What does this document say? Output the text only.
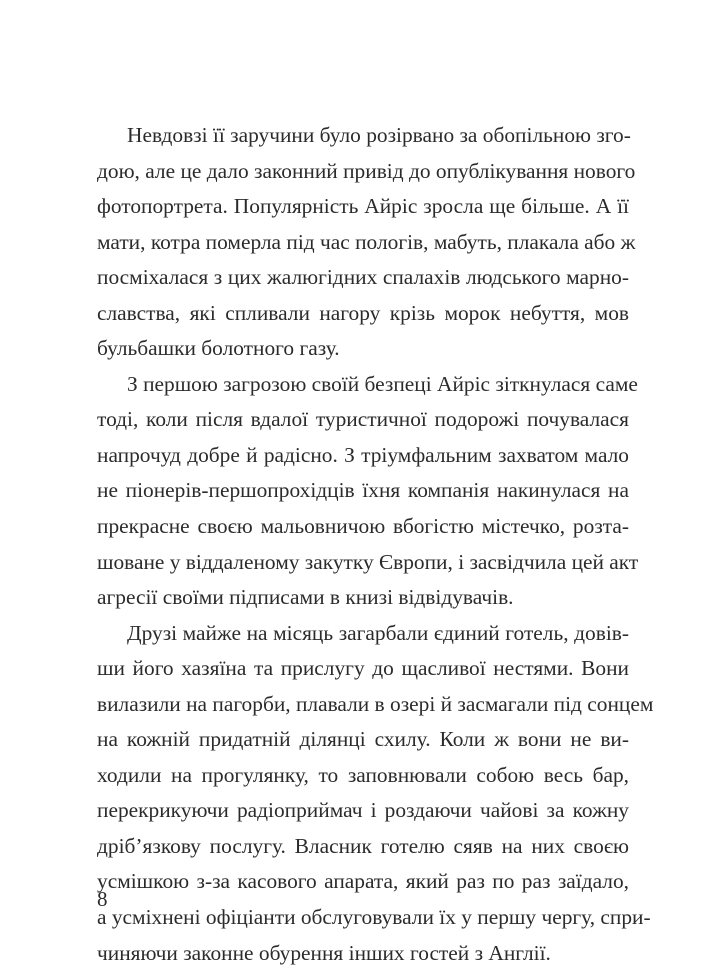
Невдовзі її заручини було розірвано за обопільною зго-
дою, але це дало законний привід до опублікування нового
фотопортрета. Популярність Айріс зросла ще більше. А її
мати, котра померла під час пологів, мабуть, плакала або ж
посміхалася з цих жалюгідних спалахів людського марно-
славства, які спливали нагору крізь морок небуття, мов
бульбашки болотного газу.
З першою загрозою своїй безпеці Айріс зіткнулася саме
тоді, коли після вдалої туристичної подорожі почувалася
напрочуд добре й радісно. З тріумфальним захватом мало
не піонерів-першопрохідців їхня компанія накинулася на
прекрасне своєю мальовничою вбогістю містечко, розта-
шоване у віддаленому закутку Європи, і засвідчила цей акт
агресії своїми підписами в книзі відвідувачів.
Друзі майже на місяць загарбали єдиний готель, довів-
ши його хазяїна та прислугу до щасливої нестями. Вони
вилазили на пагорби, плавали в озері й засмагали під сонцем
на кожній придатній ділянці схилу. Коли ж вони не ви-
ходили на прогулянку, то заповнювали собою весь бар,
перекрикуючи радіоприймач і роздаючи чайові за кожну
дріб’язкову послугу. Власник готелю сяяв на них своєю
усмішкою з-за касового апарата, який раз по раз заїдало,
а усміхнені офіціанти обслуговували їх у першу чергу, спри-
чиняючи законне обурення інших гостей з Англії.
8
